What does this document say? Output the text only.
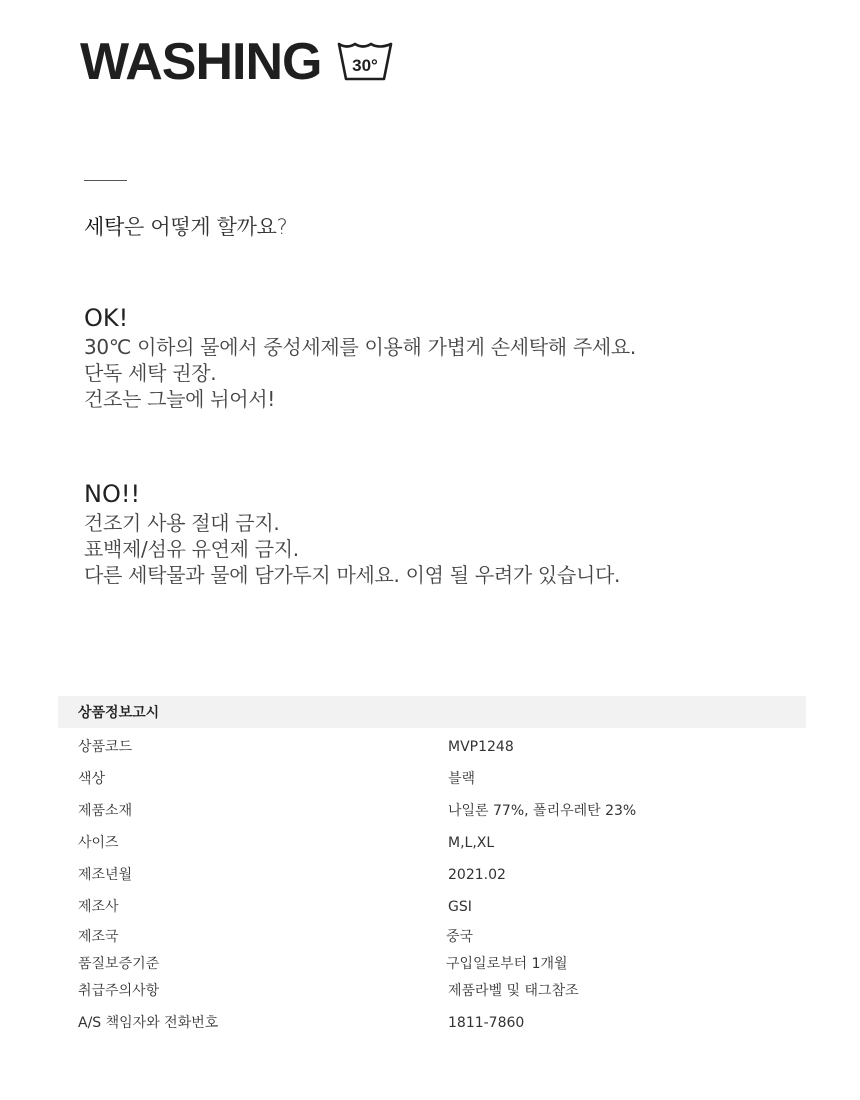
WASHING 30°
세탁은 어떻게 할까요?
OK!
30℃ 이하의 물에서 중성세제를 이용해 가볍게 손세탁해 주세요.
단독 세탁 권장.
건조는 그늘에 뉘어서!
NO!!
건조기 사용 절대 금지.
표백제/섬유 유연제 금지.
다른 세탁물과 물에 담가두지 마세요. 이염 될 우려가 있습니다.
상품정보고시
상품코드	MVP1248
색상	블랙
제품소재	나일론 77%, 폴리우레탄 23%
사이즈	M,L,XL
제조년월	2021.02
제조사	GSI
제조국	중국
품질보증기준	구입일로부터 1개월
취급주의사항	제품라벨 및 태그참조
A/S 책임자와 전화번호	1811-7860
